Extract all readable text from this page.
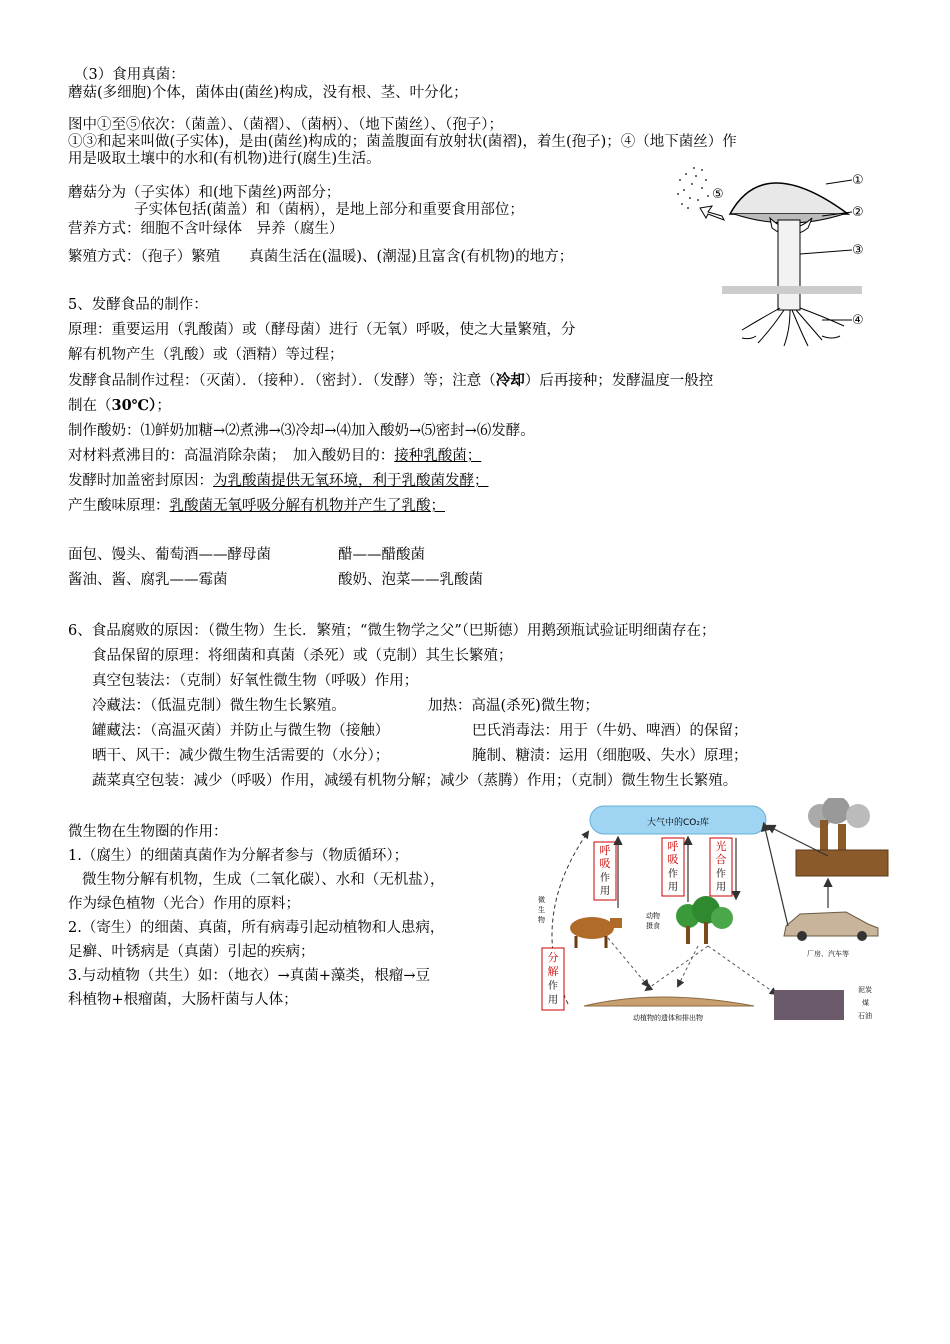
（3）食用真菌：
蘑菇(多细胞)个体，菌体由(菌丝)构成，没有根、茎、叶分化；
图中①至⑤依次：（菌盖）、（菌褶）、（菌柄）、（地下菌丝）、（孢子）；
①③和起来叫做(子实体)，是由(菌丝)构成的；菌盖腹面有放射状(菌褶)，着生(孢子)；④（地下菌丝）作
用是吸取土壤中的水和(有机物)进行(腐生)生活。
蘑菇分为（子实体）和(地下菌丝)两部分；
子实体包括(菌盖）和（菌柄），是地上部分和重要食用部位；
营养方式：细胞不含叶绿体　异养（腐生）
繁殖方式：（孢子）繁殖　　真菌生活在(温暖)、(潮湿)且富含(有机物)的地方；
①
②
③
④
⑤
5、发酵食品的制作：
原理：重要运用（乳酸菌）或（酵母菌）进行（无氧）呼吸，使之大量繁殖，分
解有机物产生（乳酸）或（酒精）等过程；
发酵食品制作过程：（灭菌）．（接种）．（密封）．（发酵）等；注意（冷却）后再接种；发酵温度一般控
制在（30℃）；
制作酸奶：⑴鲜奶加糖→⑵煮沸→⑶冷却→⑷加入酸奶→⑸密封→⑹发酵。
对材料煮沸目的：高温消除杂菌；　加入酸奶目的：接种乳酸菌；
发酵时加盖密封原因：为乳酸菌提供无氧环境，利于乳酸菌发酵；
产生酸味原理：乳酸菌无氧呼吸分解有机物并产生了乳酸；
面包、馒头、葡萄酒——酵母菌	醋——醋酸菌
酱油、酱、腐乳——霉菌	酸奶、泡菜——乳酸菌
6、食品腐败的原因：（微生物）生长．繁殖；“微生物学之父”（巴斯德）用鹅颈瓶试验证明细菌存在；
食品保留的原理：将细菌和真菌（杀死）或（克制）其生长繁殖；
真空包装法：（克制）好氧性微生物（呼吸）作用；
冷藏法：（低温克制）微生物生长繁殖。	加热：高温(杀死)微生物；
罐藏法：（高温灭菌）并防止与微生物（接触）	巴氏消毒法：用于（牛奶、啤酒）的保留；
晒干、风干：减少微生物生活需要的（水分）；	腌制、糖渍：运用（细胞吸、失水）原理；
蔬菜真空包装：减少（呼吸）作用，减缓有机物分解；减少（蒸腾）作用；（克制）微生物生长繁殖。
微生物在生物圈的作用：
1.（腐生）的细菌真菌作为分解者参与（物质循环）；
微生物分解有机物，生成（二氧化碳）、水和（无机盐），
作为绿色植物（光合）作用的原料；
2.（寄生）的细菌、真菌，所有病毒引起动植物和人患病，
足癣、叶锈病是（真菌）引起的疾病；
3.与动植物（共生）如：（地衣）→真菌+藻类，根瘤→豆
科植物+根瘤菌，大肠杆菌与人体；
大气中的CO₂库
厂房、汽车等
呼
吸
作
用
呼
吸
作
用
光
合
作
用
微
生
物	动物
摄食
分
解
作
用
动植物的遗体和排出物
泥炭
煤
石油
